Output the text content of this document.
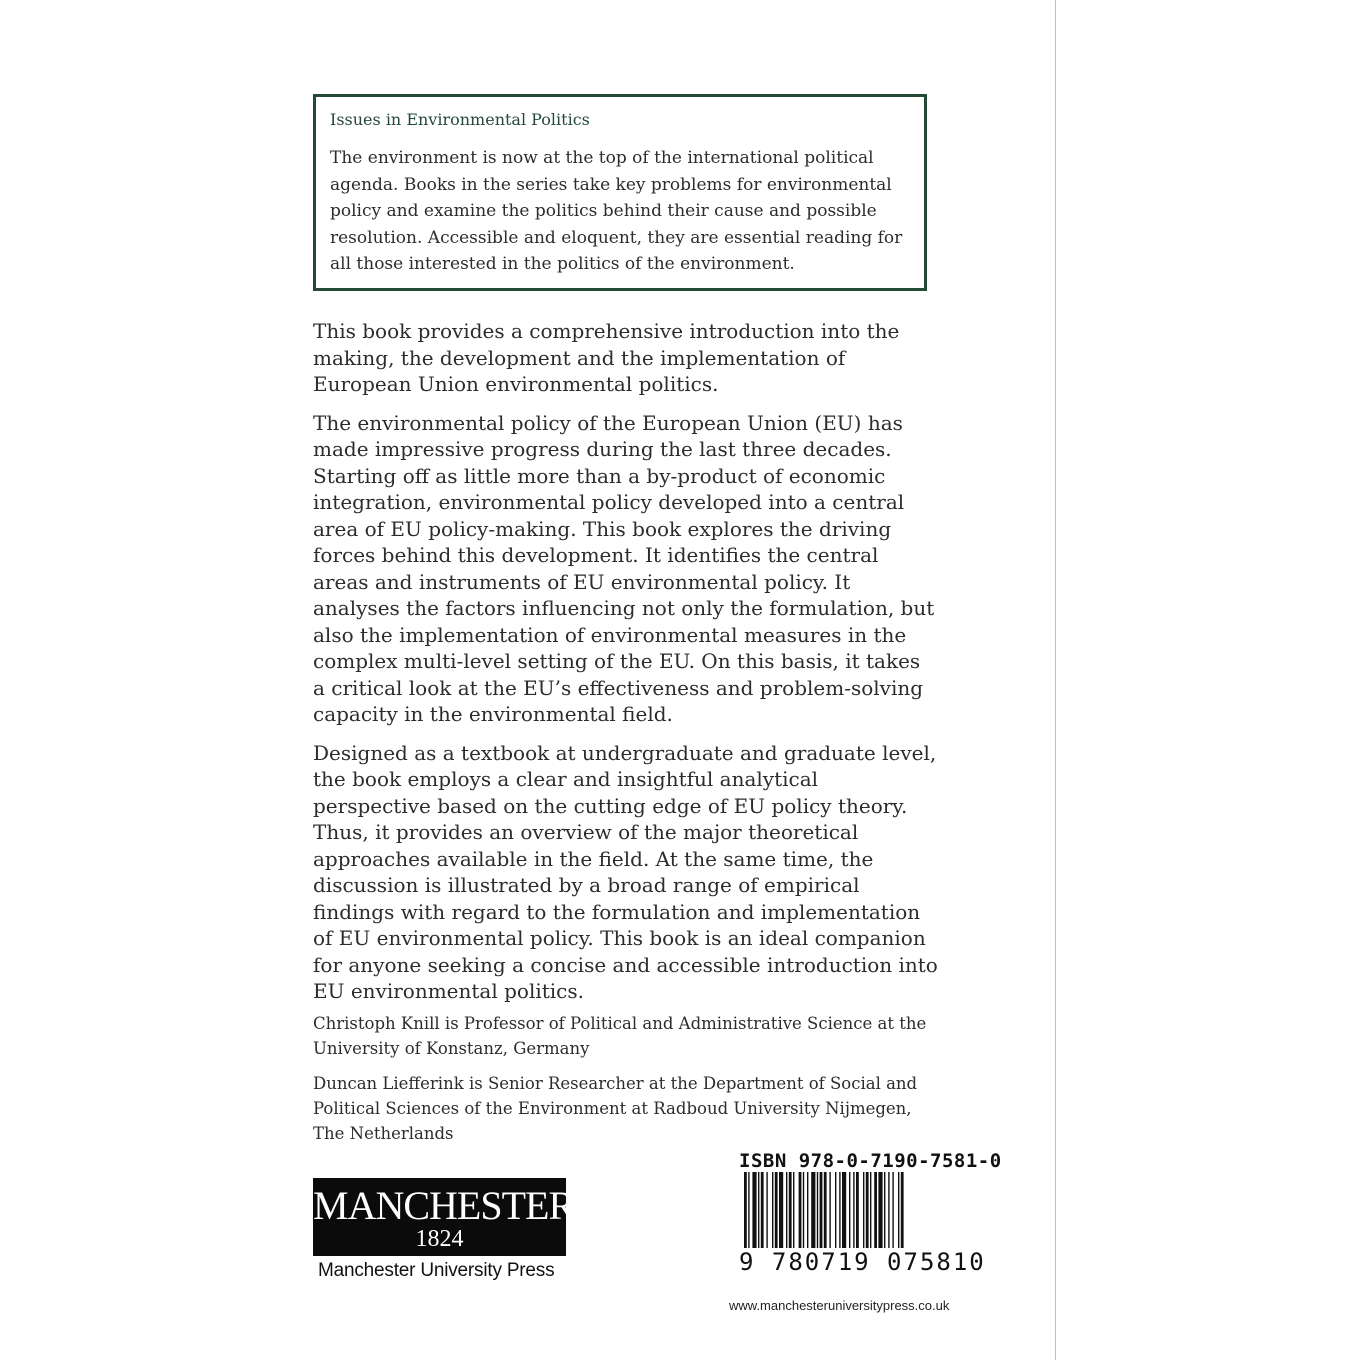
Issues in Environmental Politics

The environment is now at the top of the international political agenda. Books in the series take key problems for environmental policy and examine the politics behind their cause and possible resolution. Accessible and eloquent, they are essential reading for all those interested in the politics of the environment.

This book provides a comprehensive introduction into the making, the development and the implementation of European Union environmental politics.

The environmental policy of the European Union (EU) has made impressive progress during the last three decades. Starting off as little more than a by-product of economic integration, environmental policy developed into a central area of EU policy-making. This book explores the driving forces behind this development. It identifies the central areas and instruments of EU environmental policy. It analyses the factors influencing not only the formulation, but also the implementation of environmental measures in the complex multi-level setting of the EU. On this basis, it takes a critical look at the EU’s effectiveness and problem-solving capacity in the environmental field.

Designed as a textbook at undergraduate and graduate level, the book employs a clear and insightful analytical perspective based on the cutting edge of EU policy theory. Thus, it provides an overview of the major theoretical approaches available in the field. At the same time, the discussion is illustrated by a broad range of empirical findings with regard to the formulation and implementation of EU environmental policy. This book is an ideal companion for anyone seeking a concise and accessible introduction into EU environmental politics.

Christoph Knill is Professor of Political and Administrative Science at the University of Konstanz, Germany

Duncan Liefferink is Senior Researcher at the Department of Social and Political Sciences of the Environment at Radboud University Nijmegen, The Netherlands

MANCHESTER
1824
Manchester University Press
ISBN 978-0-7190-7581-0
9 780719 075810
www.manchesteruniversitypress.co.uk
